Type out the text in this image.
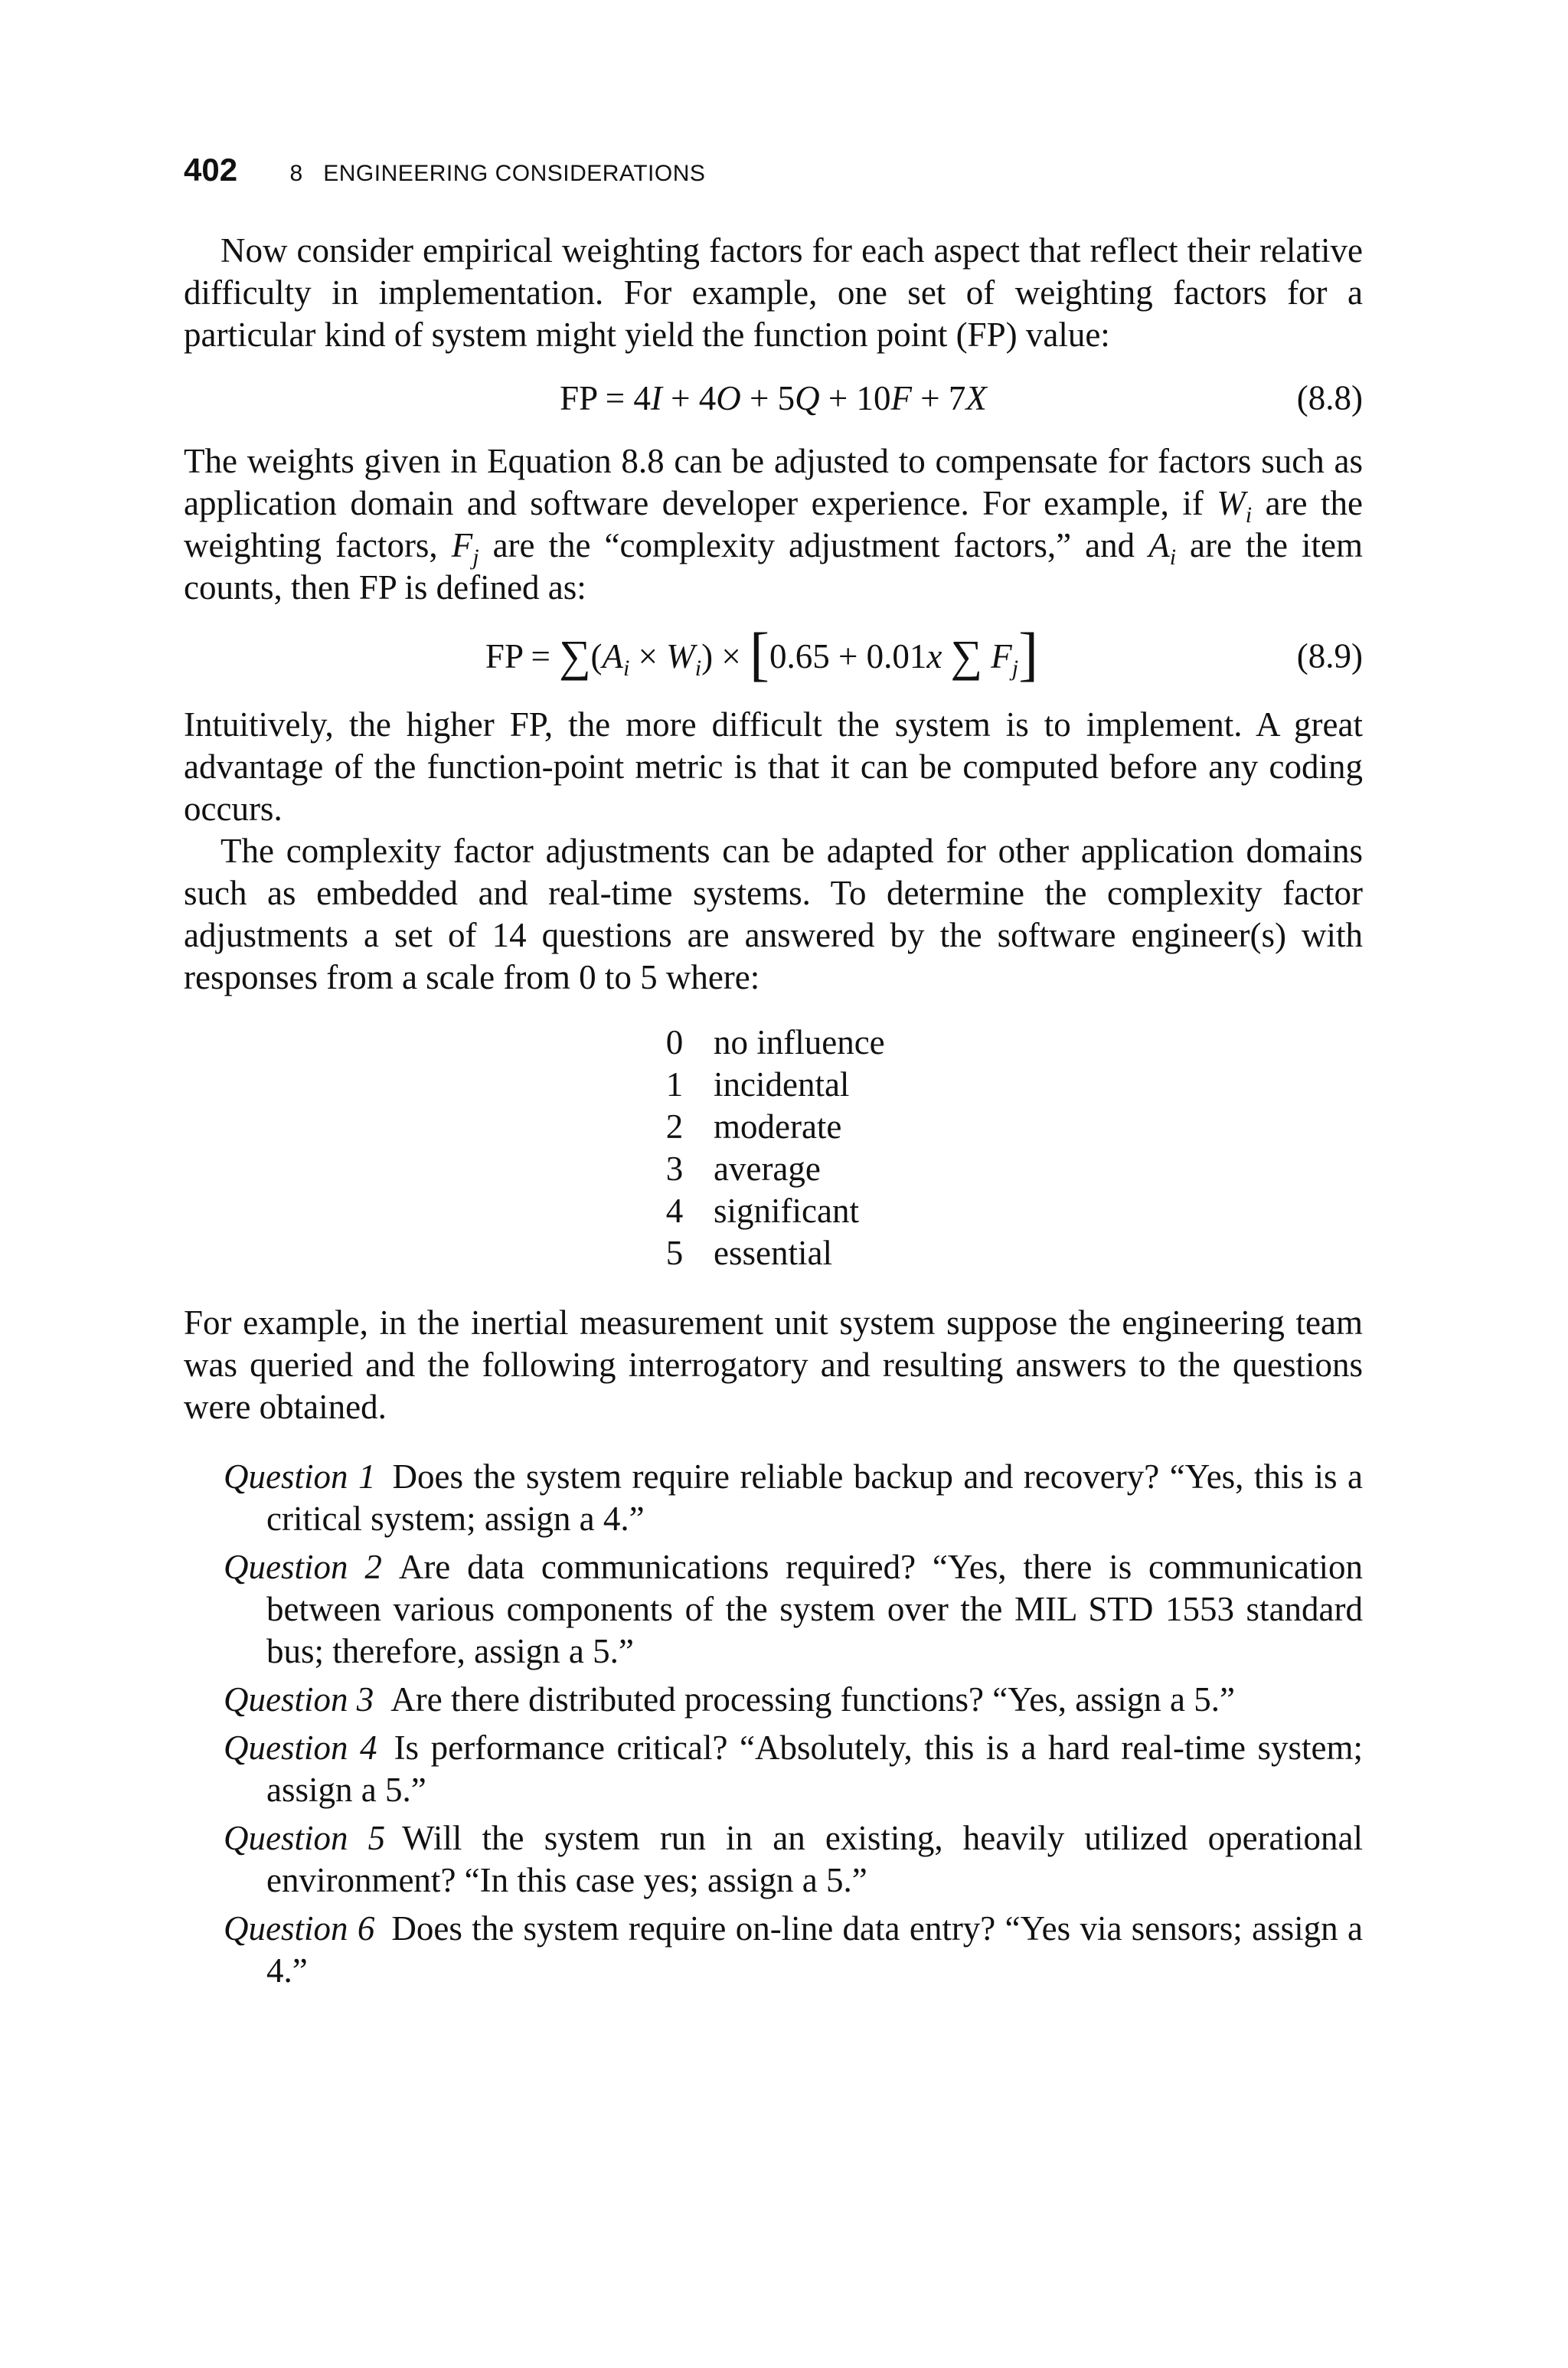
402 8   ENGINEERING CONSIDERATIONS

Now consider empirical weighting factors for each aspect that reflect their relative difficulty in implementation. For example, one set of weighting factors for a particular kind of system might yield the function point (FP) value:

FP = 4I + 4O + 5Q + 10F + 7X	(8.8)

The weights given in Equation 8.8 can be adjusted to compensate for factors such as application domain and software developer experience. For example, if $W_i$ are the weighting factors, $F_j$ are the “complexity adjustment factors,” and $A_i$ are the item counts, then FP is defined as:

FP = $\sum(A_i \times W_i) \times [0.65 + 0.01x$ ∑ $F_j$]	(8.9)

Intuitively, the higher FP, the more difficult the system is to implement. A great advantage of the function-point metric is that it can be computed before any coding occurs.

The complexity factor adjustments can be adapted for other application domains such as embedded and real-time systems. To determine the complexity factor adjustments a set of 14 questions are answered by the software engineer(s) with responses from a scale from 0 to 5 where:

0 no influence
1 incidental
2 moderate
3 average
4 significant
5 essential

For example, in the inertial measurement unit system suppose the engineering team was queried and the following interrogatory and resulting answers to the questions were obtained.

Question 1 Does the system require reliable backup and recovery? “Yes, this is a critical system; assign a 4.”

Question 2 Are data communications required? “Yes, there is communication between various components of the system over the MIL STD 1553 standard bus; therefore, assign a 5.”

Question 3 Are there distributed processing functions? “Yes, assign a 5.”

Question 4 Is performance critical? “Absolutely, this is a hard real-time system; assign a 5.”

Question 5 Will the system run in an existing, heavily utilized operational environment? “In this case yes; assign a 5.”

Question 6 Does the system require on-line data entry? “Yes via sensors; assign a 4.”
